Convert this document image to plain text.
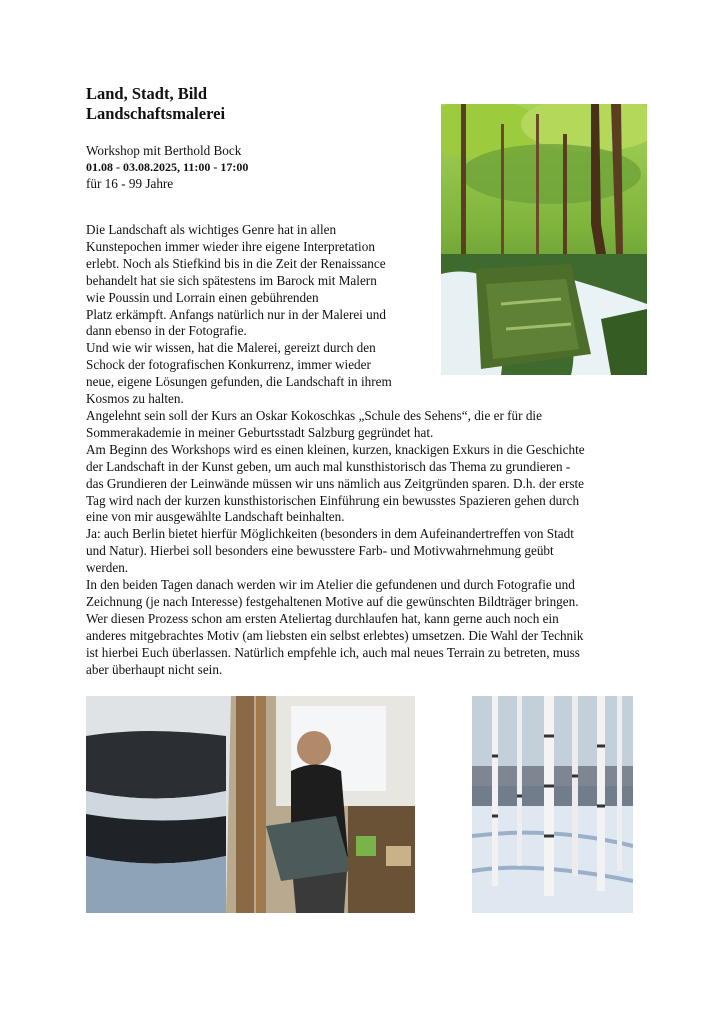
Land, Stadt, Bild
Landschaftsmalerei
Workshop mit Berthold Bock
01.08 - 03.08.2025, 11:00 - 17:00
für 16 - 99 Jahre
Die Landschaft als wichtiges Genre hat in allen
Kunstepochen immer wieder ihre eigene Interpretation
erlebt. Noch als Stiefkind bis in die Zeit der Renaissance
behandelt hat sie sich spätestens im Barock mit Malern
wie Poussin und Lorrain einen gebührenden
Platz erkämpft. Anfangs natürlich nur in der Malerei und
dann ebenso in der Fotografie.
Und wie wir wissen, hat die Malerei, gereizt durch den
Schock der fotografischen Konkurrenz, immer wieder
neue, eigene Lösungen gefunden, die Landschaft in ihrem
Kosmos zu halten.
Angelehnt sein soll der Kurs an Oskar Kokoschkas „Schule des Sehens“, die er für die
Sommerakademie in meiner Geburtsstadt Salzburg gegründet hat.
Am Beginn des Workshops wird es einen kleinen, kurzen, knackigen Exkurs in die Geschichte
der Landschaft in der Kunst geben, um auch mal kunsthistorisch das Thema zu grundieren -
das Grundieren der Leinwände müssen wir uns nämlich aus Zeitgründen sparen. D.h. der erste
Tag wird nach der kurzen kunsthistorischen Einführung ein bewusstes Spazieren gehen durch
eine von mir ausgewählte Landschaft beinhalten.
Ja: auch Berlin bietet hierfür Möglichkeiten (besonders in dem Aufeinandertreffen von Stadt
und Natur). Hierbei soll besonders eine bewusstere Farb- und Motivwahrnehmung geübt
werden.
In den beiden Tagen danach werden wir im Atelier die gefundenen und durch Fotografie und
Zeichnung (je nach Interesse) festgehaltenen Motive auf die gewünschten Bildträger bringen.
Wer diesen Prozess schon am ersten Ateliertag durchlaufen hat, kann gerne auch noch ein
anderes mitgebrachtes Motiv (am liebsten ein selbst erlebtes) umsetzen. Die Wahl der Technik
ist hierbei Euch überlassen. Natürlich empfehle ich, auch mal neues Terrain zu betreten, muss
aber überhaupt nicht sein.
